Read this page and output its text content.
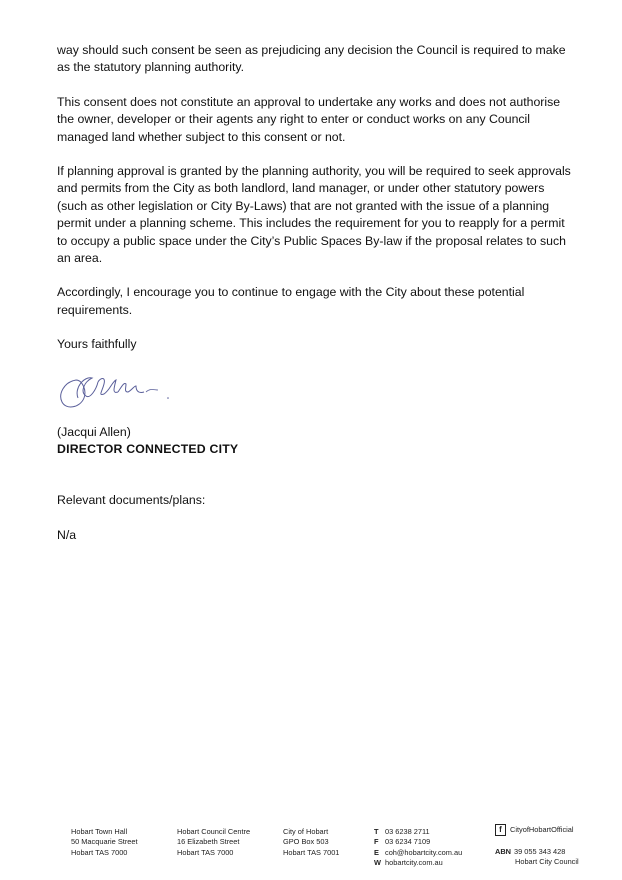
way should such consent be seen as prejudicing any decision the Council is required to make as the statutory planning authority.

This consent does not constitute an approval to undertake any works and does not authorise the owner, developer or their agents any right to enter or conduct works on any Council managed land whether subject to this consent or not.

If planning approval is granted by the planning authority, you will be required to seek approvals and permits from the City as both landlord, land manager, or under other statutory powers (such as other legislation or City By-Laws) that are not granted with the issue of a planning permit under a planning scheme. This includes the requirement for you to reapply for a permit to occupy a public space under the City’s Public Spaces By-law if the proposal relates to such an area.

Accordingly, I encourage you to continue to engage with the City about these potential requirements.

Yours faithfully

(Jacqui Allen)
DIRECTOR CONNECTED CITY
Relevant documents/plans:
N/a
Hobart Town Hall
50 Macquarie Street
Hobart TAS 7000
Hobart Council Centre
16 Elizabeth Street
Hobart TAS 7000
City of Hobart
GPO Box 503
Hobart TAS 7001
T 03 6238 2711
F 03 6234 7109
E coh@hobartcity.com.au
W hobartcity.com.au
f CityofHobartOfficial
ABN 39 055 343 428
Hobart City Council
